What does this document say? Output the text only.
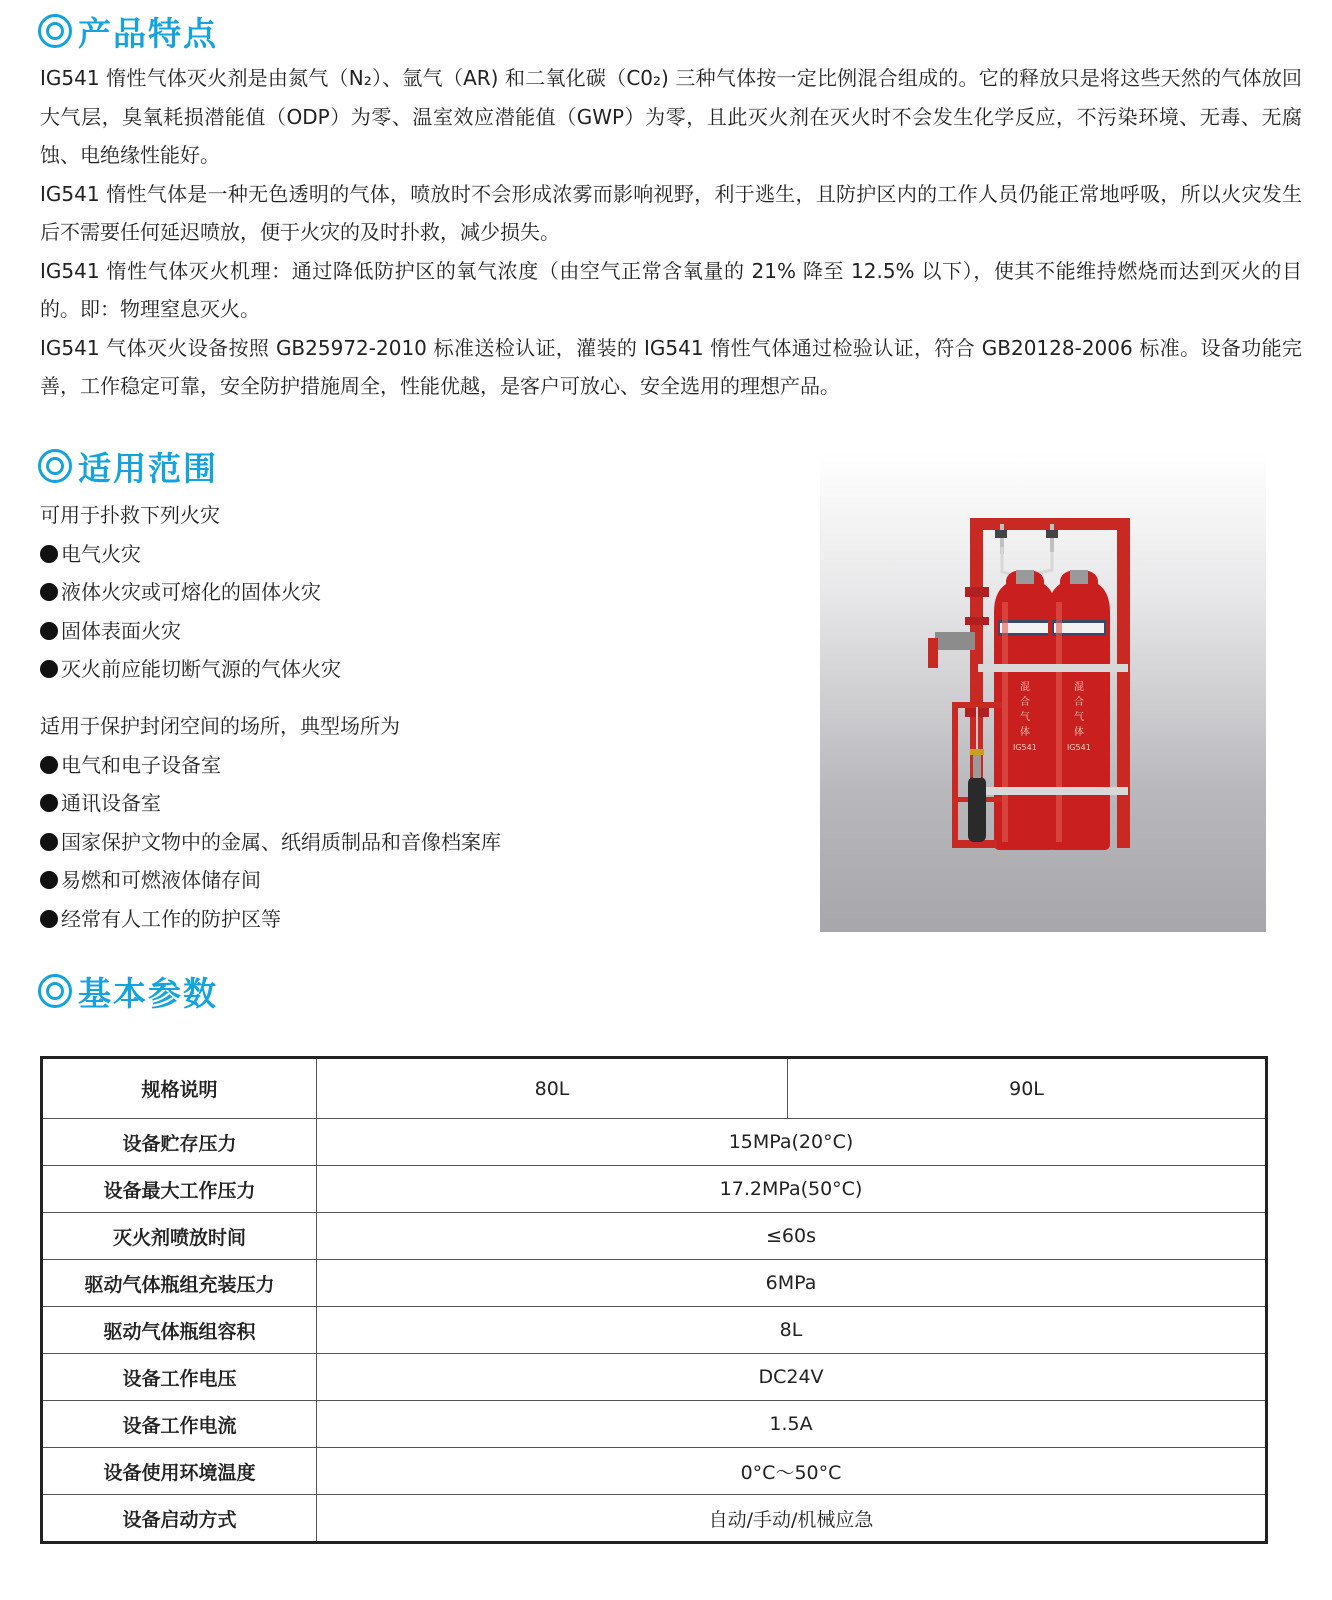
产品特点

IG541 惰性气体灭火剂是由氮气（N₂）、氩气（AR) 和二氧化碳（C0₂) 三种气体按一定比例混合组成的。它的释放只是将这些天然的气体放回大气层，臭氧耗损潜能值（ODP）为零、温室效应潜能值（GWP）为零，且此灭火剂在灭火时不会发生化学反应，不污染环境、无毒、无腐蚀、电绝缘性能好。

IG541 惰性气体是一种无色透明的气体，喷放时不会形成浓雾而影响视野，利于逃生，且防护区内的工作人员仍能正常地呼吸，所以火灾发生后不需要任何延迟喷放，便于火灾的及时扑救，减少损失。

IG541 惰性气体灭火机理：通过降低防护区的氧气浓度（由空气正常含氧量的 21% 降至 12.5% 以下），使其不能维持燃烧而达到灭火的目的。即：物理窒息灭火。

IG541 气体灭火设备按照 GB25972-2010 标准送检认证，灌装的 IG541 惰性气体通过检验认证，符合 GB20128-2006 标准。设备功能完善，工作稳定可靠，安全防护措施周全，性能优越，是客户可放心、安全选用的理想产品。

适用范围
可用于扑救下列火灾
电气火灾
液体火灾或可熔化的固体火灾
固体表面火灾
灭火前应能切断气源的气体火灾
适用于保护封闭空间的场所，典型场所为
电气和电子设备室
通讯设备室
国家保护文物中的金属、纸绢质制品和音像档案库
易燃和可燃液体储存间
经常有人工作的防护区等
混
合
气
体
IG541
混
合
气
体
IG541
基本参数
规格说明	80L	90L
设备贮存压力	15MPa(20°C)	
设备最大工作压力	17.2MPa(50°C)	
灭火剂喷放时间	≤60s	
驱动气体瓶组充装压力	6MPa	
驱动气体瓶组容积	8L	
设备工作电压	DC24V	
设备工作电流	1.5A	
设备使用环境温度	0°C～50°C	
设备启动方式	自动/手动/机械应急	
